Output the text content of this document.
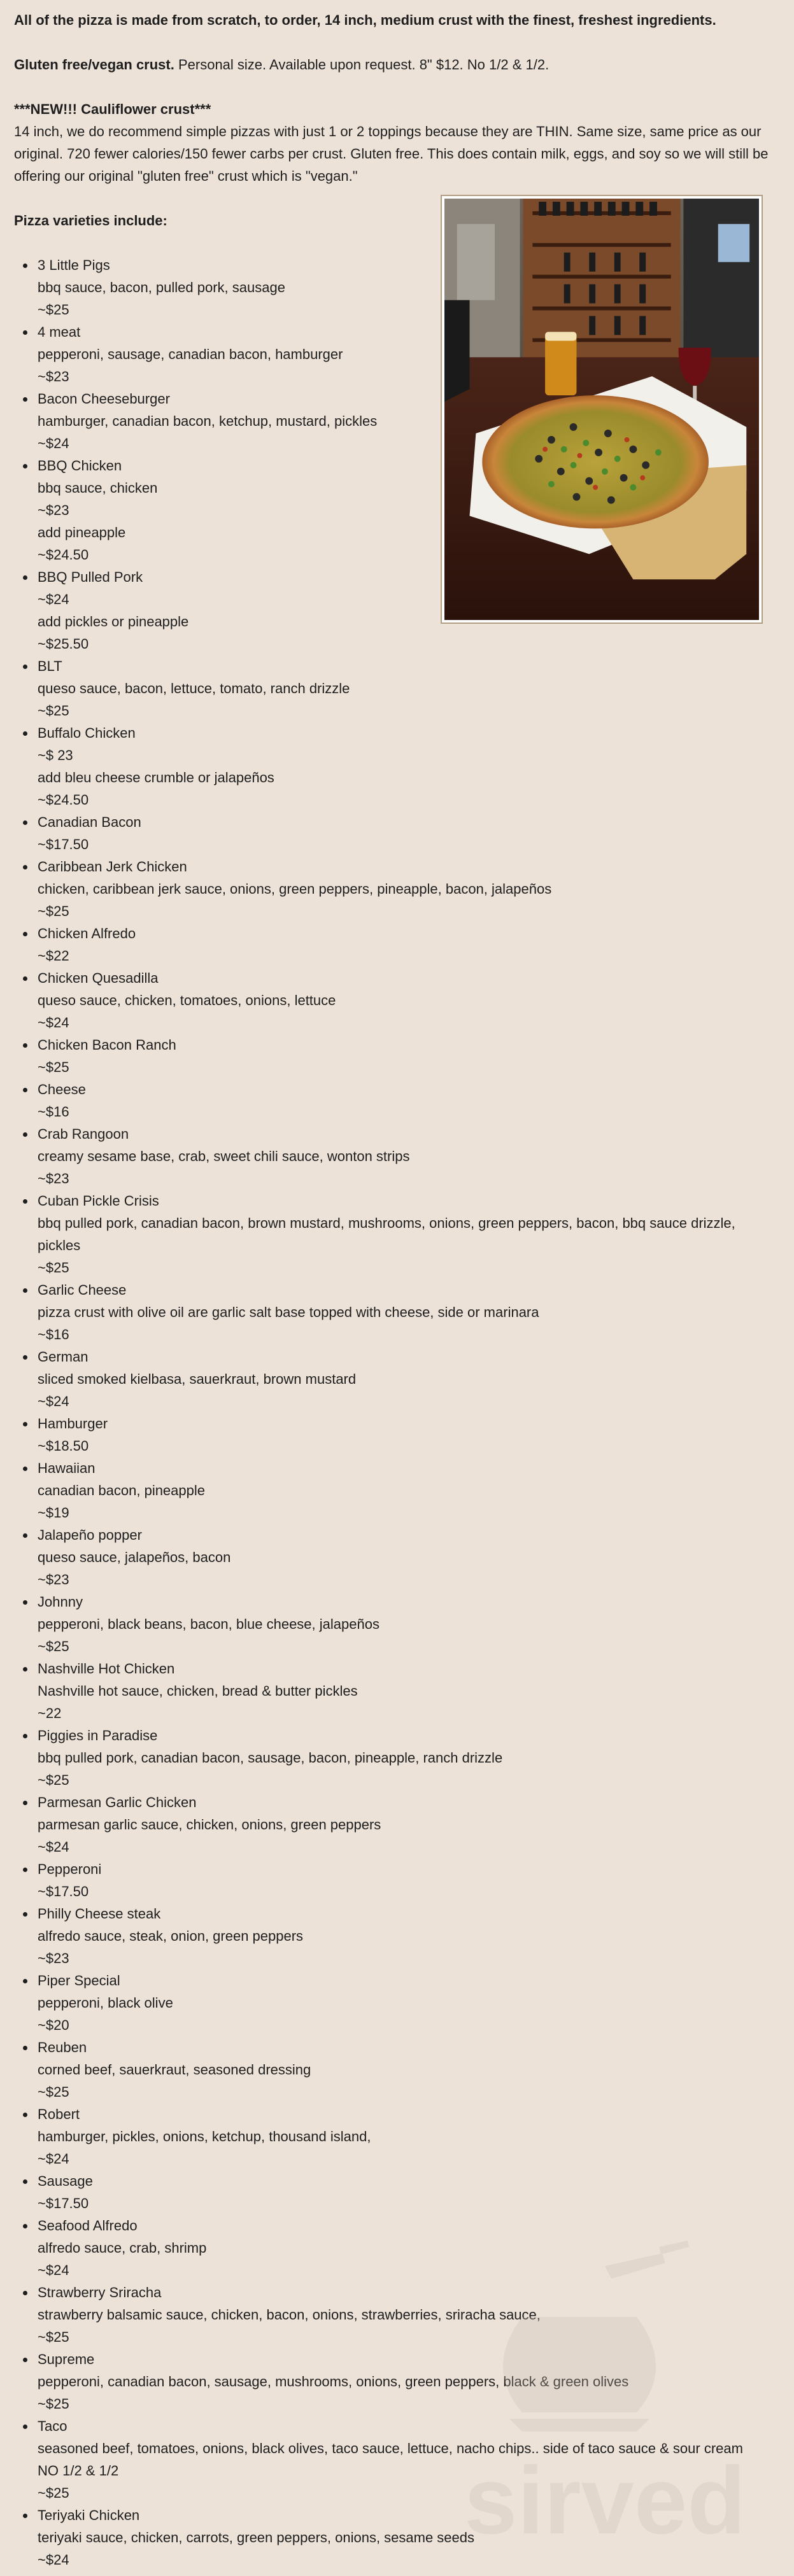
All of the pizza is made from scratch, to order, 14 inch, medium crust with the finest, freshest ingredients.

Gluten free/vegan crust. Personal size. Available upon request. 8" $12. No 1/2 & 1/2.

***NEW!!! Cauliflower crust***

14 inch, we do recommend simple pizzas with just 1 or 2 toppings because they are THIN. Same size, same price as our original. 720 fewer calories/150 fewer carbs per crust. Gluten free. This does contain milk, eggs, and soy so we will still be offering our original "gluten free" crust which is "vegan."

Pizza varieties include:

3 Little Pigs
bbq sauce, bacon, pulled pork, sausage
~$25
4 meat
pepperoni, sausage, canadian bacon, hamburger
~$23
Bacon Cheeseburger
hamburger, canadian bacon, ketchup, mustard, pickles
~$24
BBQ Chicken
bbq sauce, chicken
~$23
add pineapple
~$24.50
BBQ Pulled Pork
~$24
add pickles or pineapple
~$25.50
BLT
queso sauce, bacon, lettuce, tomato, ranch drizzle
~$25
Buffalo Chicken
~$ 23
add bleu cheese crumble or jalapeños
~$24.50
Canadian Bacon
~$17.50
Caribbean Jerk Chicken
chicken, caribbean jerk sauce, onions, green peppers, pineapple, bacon, jalapeños
~$25
Chicken Alfredo
~$22
Chicken Quesadilla
queso sauce, chicken, tomatoes, onions, lettuce
~$24
Chicken Bacon Ranch
~$25
Cheese
~$16
Crab Rangoon
creamy sesame base, crab, sweet chili sauce, wonton strips
~$23
Cuban Pickle Crisis
bbq pulled pork, canadian bacon, brown mustard, mushrooms, onions, green peppers, bacon, bbq sauce drizzle, pickles
~$25
Garlic Cheese
pizza crust with olive oil are garlic salt base topped with cheese, side or marinara
~$16
German
sliced smoked kielbasa, sauerkraut, brown mustard
~$24
Hamburger
~$18.50
Hawaiian
canadian bacon, pineapple
~$19
Jalapeño popper
queso sauce, jalapeños, bacon
~$23
Johnny
pepperoni, black beans, bacon, blue cheese, jalapeños
~$25
Nashville Hot Chicken
Nashville hot sauce, chicken, bread & butter pickles
~22
Piggies in Paradise
bbq pulled pork, canadian bacon, sausage, bacon, pineapple, ranch drizzle
~$25
Parmesan Garlic Chicken
parmesan garlic sauce, chicken, onions, green peppers
~$24
Pepperoni
~$17.50
Philly Cheese steak
alfredo sauce, steak, onion, green peppers
~$23
Piper Special
pepperoni, black olive
~$20
Reuben
corned beef, sauerkraut, seasoned dressing
~$25
Robert
hamburger, pickles, onions, ketchup, thousand island,
~$24
Sausage
~$17.50
Seafood Alfredo
alfredo sauce, crab, shrimp
~$24
Strawberry Sriracha
strawberry balsamic sauce, chicken, bacon, onions, strawberries, sriracha sauce,
~$25
Supreme
pepperoni, canadian bacon, sausage, mushrooms, onions, green peppers, black & green olives
~$25
Taco
seasoned beef, tomatoes, onions, black olives, taco sauce, lettuce, nacho chips.. side of taco sauce & sour cream
NO 1/2 & 1/2
~$25
Teriyaki Chicken
teriyaki sauce, chicken, carrots, green peppers, onions, sesame seeds
~$24
sirved
